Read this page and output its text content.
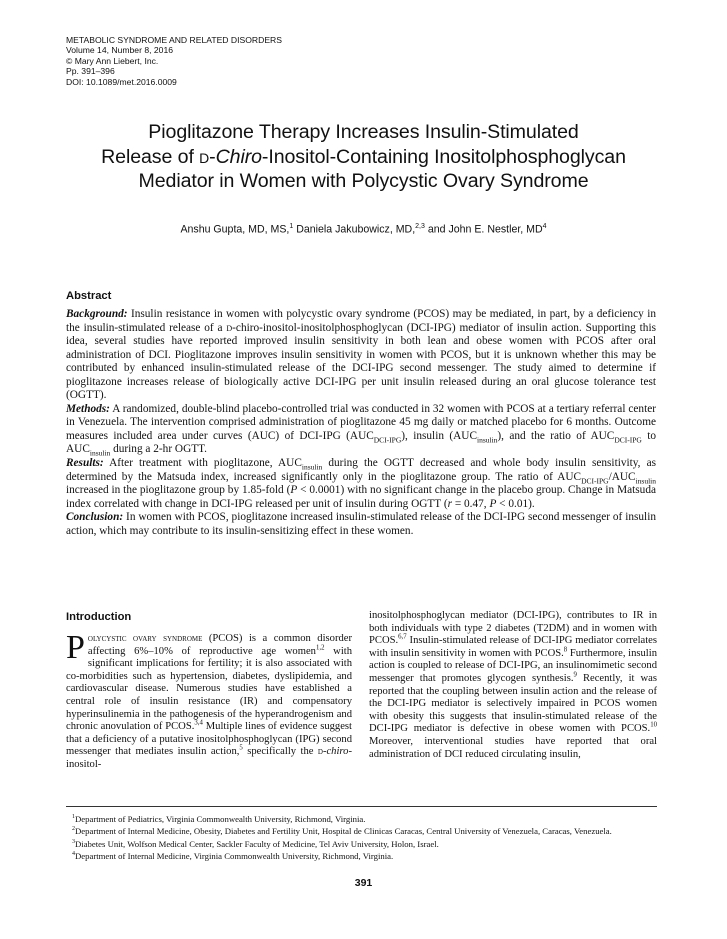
METABOLIC SYNDROME AND RELATED DISORDERS
Volume 14, Number 8, 2016
© Mary Ann Liebert, Inc.
Pp. 391–396
DOI: 10.1089/met.2016.0009
Pioglitazone Therapy Increases Insulin-Stimulated
Release of d-Chiro-Inositol-Containing Inositolphosphoglycan
Mediator in Women with Polycystic Ovary Syndrome
Anshu Gupta, MD, MS,$^1$ Daniela Jakubowicz, MD,$^{2,3}$ and John E. Nestler, $MD^4$
Abstract

Background: Insulin resistance in women with polycystic ovary syndrome (PCOS) may be mediated, in part, by a deficiency in the insulin-stimulated release of a d-chiro-inositol-inositolphosphoglycan (DCI-IPG) mediator of insulin action. Supporting this idea, several studies have reported improved insulin sensitivity in both lean and obese women with PCOS after oral administration of DCI. Pioglitazone improves insulin sensitivity in women with PCOS, but it is unknown whether this may be contributed by enhanced insulin-stimulated release of the DCI-IPG second messenger. The study aimed to determine if pioglitazone increases release of biologically active DCI-IPG per unit insulin released during an oral glucose tolerance test (OGTT).

Methods: A randomized, double-blind placebo-controlled trial was conducted in 32 women with PCOS at a tertiary referral center in Venezuela. The intervention comprised administration of pioglitazone 45 mg daily or matched placebo for 6 months. Outcome measures included area under curves (AUC) of DCI-IPG $(AUC_{DCI-IPG})$, insulin $(AUC_{insulin})$, and the ratio of $AUC_{DCI-IPG}$ to $AUC_{insulin}$ during a 2-hr OGTT.

Results: After treatment with pioglitazone, $AUC_{insulin}$ during the OGTT decreased and whole body insulin sensitivity, as determined by the Matsuda index, increased significantly only in the pioglitazone group. The ratio of $AUC_{DCI-IPG}/AUC_{insulin}$ increased in the pioglitazone group by 1.85-fold (P < 0.0001) with no significant change in the placebo group. Change in Matsuda index correlated with change in DCI-IPG released per unit of insulin during OGTT (r = 0.47, P < 0.01).

Conclusion: In women with PCOS, pioglitazone increased insulin-stimulated release of the DCI-IPG second messenger of insulin action, which may contribute to its insulin-sensitizing effect in these women.

Introduction

Polycystic ovary syndrome (PCOS) is a common disorder affecting 6%–10% of reproductive age women$^{1,2}$ with significant implications for fertility; it is also associated with co-morbidities such as hypertension, diabetes, dyslipidemia, and cardiovascular disease. Numerous studies have established a central role of insulin resistance (IR) and compensatory hyperinsulinemia in the pathogenesis of the hyperandrogenism and chronic anovulation of PCOS.$^{3,4}$ Multiple lines of evidence suggest that a deficiency of a putative inositolphosphoglycan (IPG) second messenger that mediates insulin action,$^5$ specifically the d-chiro-inositol-

inositolphosphoglycan mediator (DCI-IPG), contributes to IR in both individuals with type 2 diabetes (T2DM) and in women with PCOS.$^{6,7}$ Insulin-stimulated release of DCI-IPG mediator correlates with insulin sensitivity in women with PCOS.$^8$ Furthermore, insulin action is coupled to release of DCI-IPG, an insulinomimetic second messenger that promotes glycogen synthesis.$^9$ Recently, it was reported that the coupling between insulin action and the release of the DCI-IPG mediator is selectively impaired in PCOS women with obesity this suggests that insulin-stimulated release of the DCI-IPG mediator is defective in obese women with PCOS.$^{10}$ Moreover, interventional studies have reported that oral administration of DCI reduced circulating insulin,

$^1$Department of Pediatrics, Virginia Commonwealth University, Richmond, Virginia.
$^2$Department of Internal Medicine, Obesity, Diabetes and Fertility Unit, Hospital de Clinicas Caracas, Central University of Venezuela, Caracas, Venezuela.
$^3$Diabetes Unit, Wolfson Medical Center, Sackler Faculty of Medicine, Tel Aviv University, Holon, Israel.
$^4$Department of Internal Medicine, Virginia Commonwealth University, Richmond, Virginia.
391
